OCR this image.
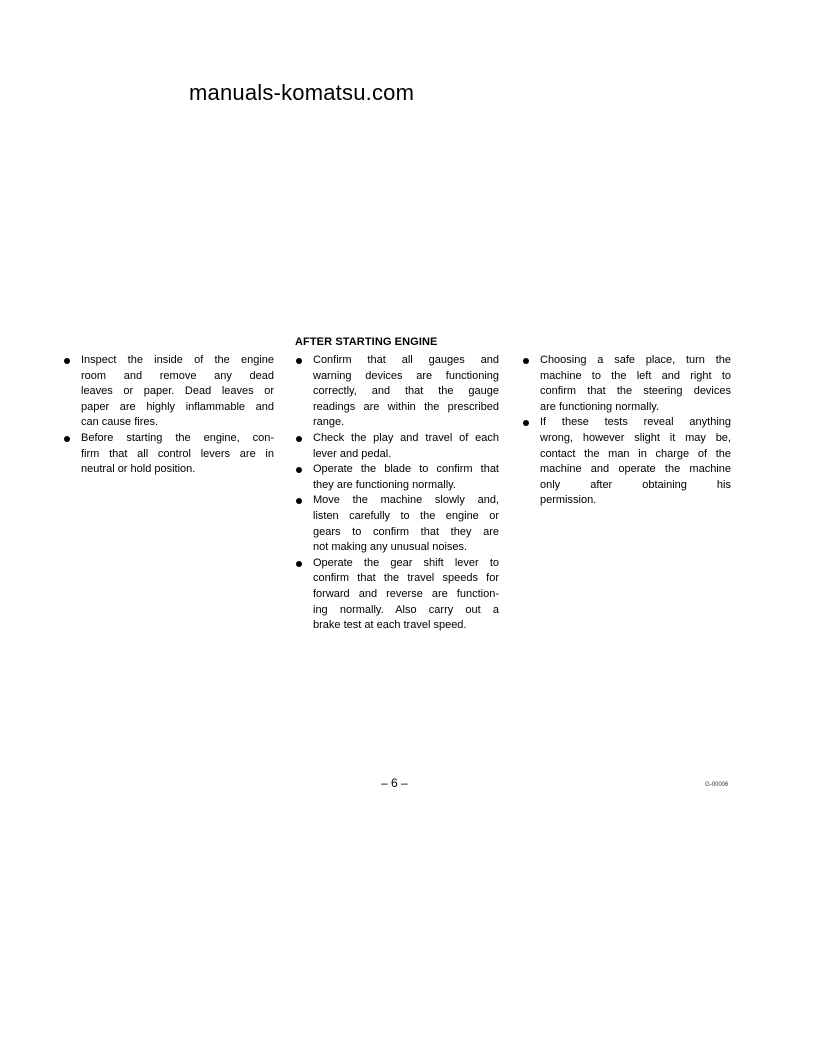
manuals-komatsu.com
AFTER STARTING ENGINE
Inspect the inside of the engine
room and remove any dead
leaves or paper. Dead leaves or
paper are highly inflammable and
can cause fires.
Before starting the engine, con-
firm that all control levers are in
neutral or hold position.
Confirm that all gauges and
warning devices are functioning
correctly, and that the gauge
readings are within the prescribed
range.
Check the play and travel of each
lever and pedal.
Operate the blade to confirm that
they are functioning normally.
Move the machine slowly and,
listen carefully to the engine or
gears to confirm that they are
not making any unusual noises.
Operate the gear shift lever to
confirm that the travel speeds for
forward and reverse are function-
ing normally. Also carry out a
brake test at each travel speed.
Choosing a safe place, turn the
machine to the left and right to
confirm that the steering devices
are functioning normally.
If these tests reveal anything
wrong, however slight it may be,
contact the man in charge of the
machine and operate the machine
only after obtaining his
permission.
– 6 –	G-00006
